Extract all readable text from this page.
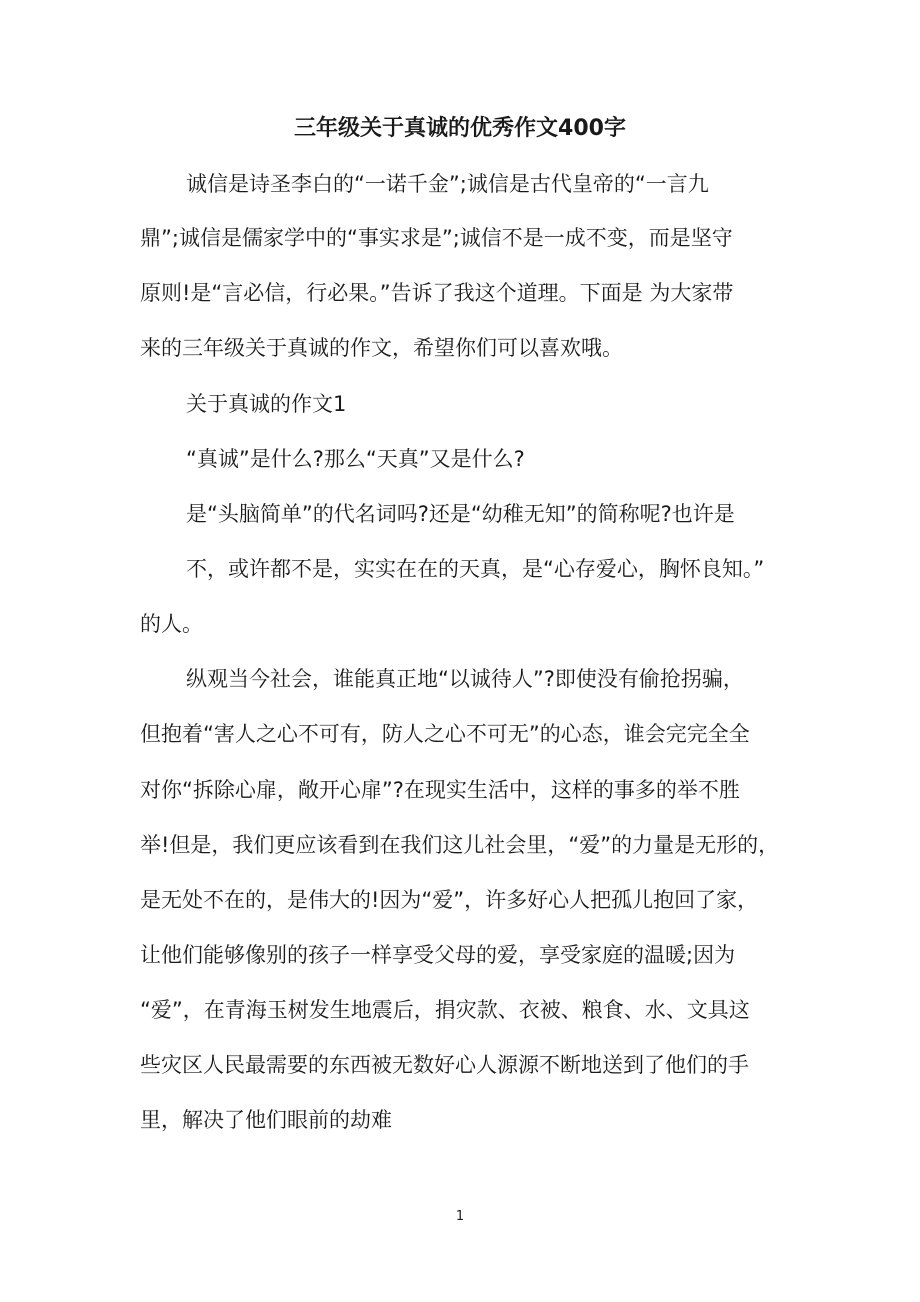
三年级关于真诚的优秀作文400字
诚信是诗圣李白的“一诺千金”;诚信是古代皇帝的“一言九
鼎”;诚信是儒家学中的“事实求是”;诚信不是一成不变，而是坚守
原则!是“言必信，行必果。”告诉了我这个道理。下面是 为大家带
来的三年级关于真诚的作文，希望你们可以喜欢哦。
关于真诚的作文1
“真诚”是什么?那么“天真”又是什么?
是“头脑简单”的代名词吗?还是“幼稚无知”的简称呢?也许是
不，或许都不是，实实在在的天真，是“心存爱心，胸怀良知。”
的人。
纵观当今社会，谁能真正地“以诚待人”?即使没有偷抢拐骗，
但抱着“害人之心不可有，防人之心不可无”的心态，谁会完完全全
对你“拆除心扉，敞开心扉”?在现实生活中，这样的事多的举不胜
举!但是，我们更应该看到在我们这儿社会里，“爱”的力量是无形的，
是无处不在的，是伟大的!因为“爱”，许多好心人把孤儿抱回了家，
让他们能够像别的孩子一样享受父母的爱，享受家庭的温暖;因为
“爱”，在青海玉树发生地震后，捐灾款、衣被、粮食、水、文具这
些灾区人民最需要的东西被无数好心人源源不断地送到了他们的手
里，解决了他们眼前的劫难
1
